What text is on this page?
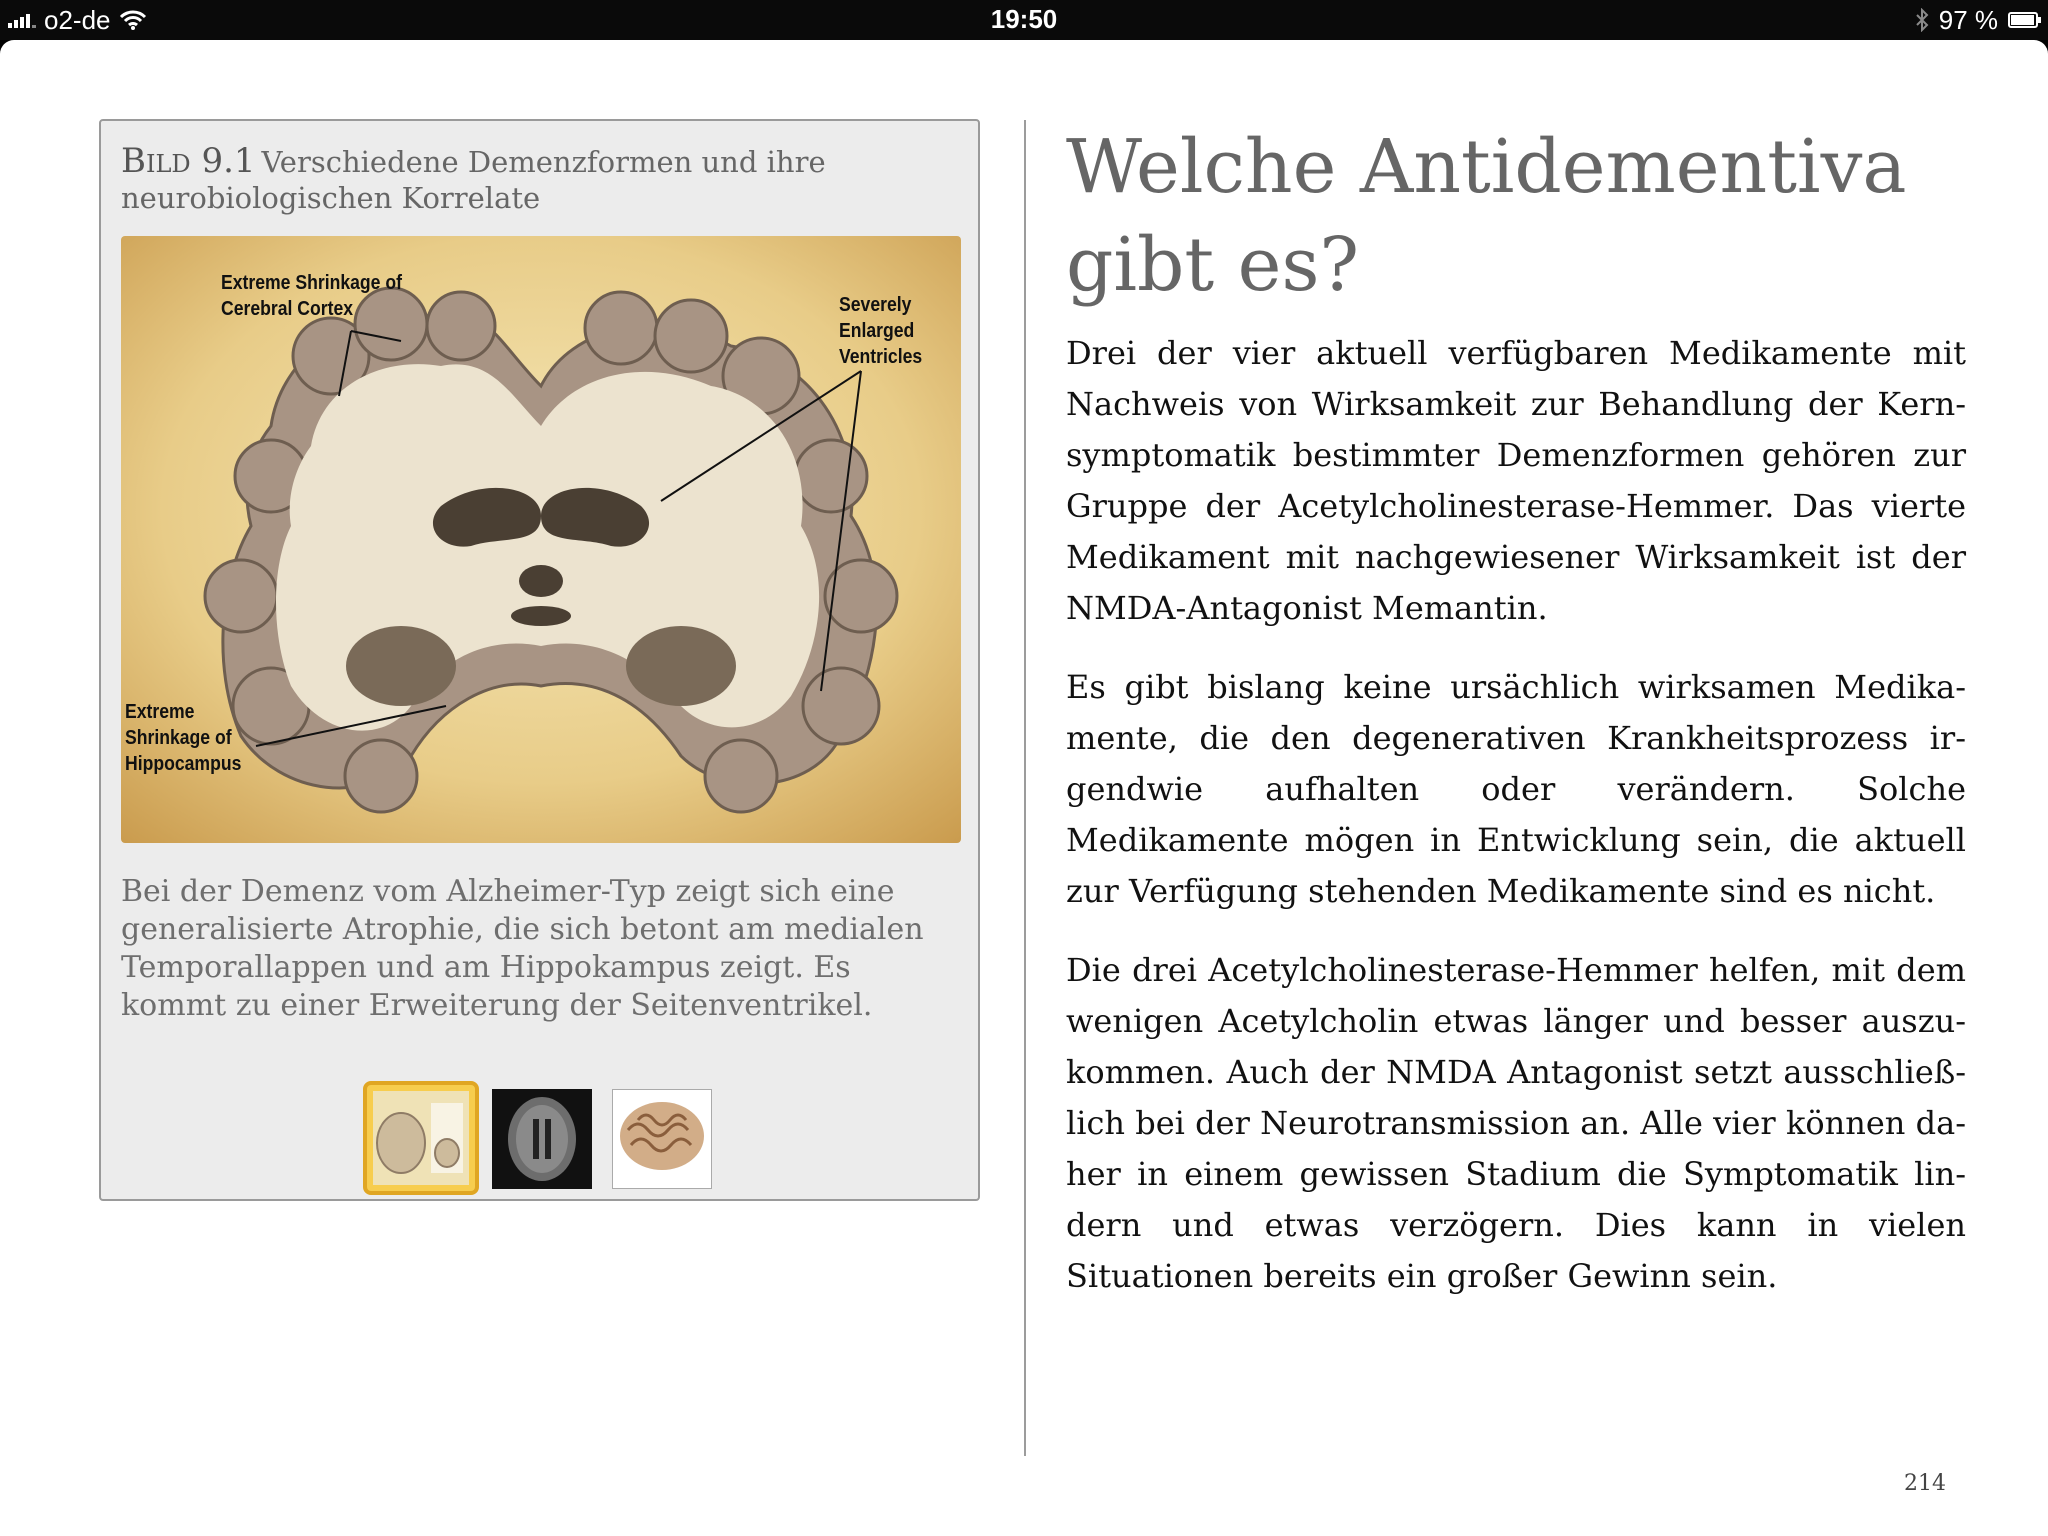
o2-de	19:50	97 %
Bild 9.1 Verschiedene Demenzformen und ihre neurobiologischen Korrelate
Extreme Shrinkage of Cerebral Cortex	Severely Enlarged Ventricles
Extreme Shrinkage of Hippocampus
Bei der Demenz vom Alzheimer-Typ zeigt sich eine generalisierte Atrophie, die sich betont am medialen Temporallappen und am Hippokampus zeigt. Es kommt zu einer Erweiterung der Seitenventrikel.
Welche Antidementiva gibt es?

Drei der vier aktuell verfügbaren Medikamente mit Nachweis von Wirksamkeit zur Behandlung der Kernsymptomatik bestimmter Demenzformen gehören zur Gruppe der Acetylcholinesterase-Hemmer. Das vierte Medikament mit nachgewiesener Wirksamkeit ist der NMDA-Antagonist Memantin.

Es gibt bislang keine ursächlich wirksamen Medikamente, die den degenerativen Krankheitsprozess irgendwie aufhalten oder verändern. Solche Medikamente mögen in Entwicklung sein, die aktuell zur Verfügung stehenden Medikamente sind es nicht.

Die drei Acetylcholinesterase-Hemmer helfen, mit dem wenigen Acetylcholin etwas länger und besser auszukommen. Auch der NMDA Antagonist setzt ausschließlich bei der Neurotransmission an. Alle vier können daher in einem gewissen Stadium die Symptomatik lindern und etwas verzögern. Dies kann in vielen Situationen bereits ein großer Gewinn sein.

214
